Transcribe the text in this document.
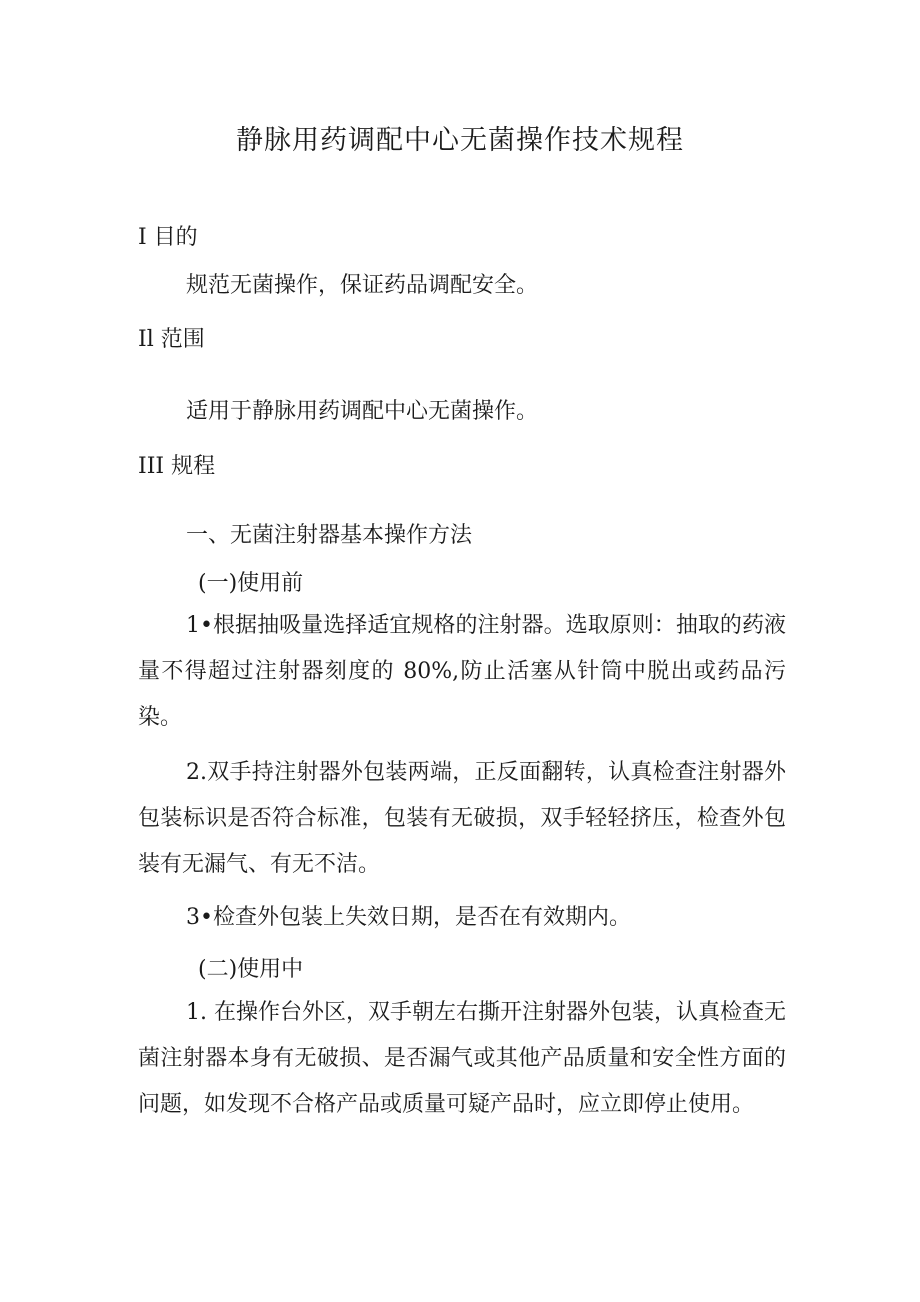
静脉用药调配中心无菌操作技术规程
I 目的
规范无菌操作，保证药品调配安全。
Il 范围
适用于静脉用药调配中心无菌操作。
III 规程
一、无菌注射器基本操作方法
(一)使用前
1•根据抽吸量选择适宜规格的注射器。选取原则：抽取的药液量不得超过注射器刻度的 80%,防止活塞从针筒中脱出或药品污染。
2.双手持注射器外包装两端，正反面翻转，认真检查注射器外包装标识是否符合标准，包装有无破损，双手轻轻挤压，检查外包装有无漏气、有无不洁。
3•检查外包装上失效日期，是否在有效期内。
(二)使用中
1. 在操作台外区，双手朝左右撕开注射器外包装，认真检查无菌注射器本身有无破损、是否漏气或其他产品质量和安全性方面的问题，如发现不合格产品或质量可疑产品时，应立即停止使用。
